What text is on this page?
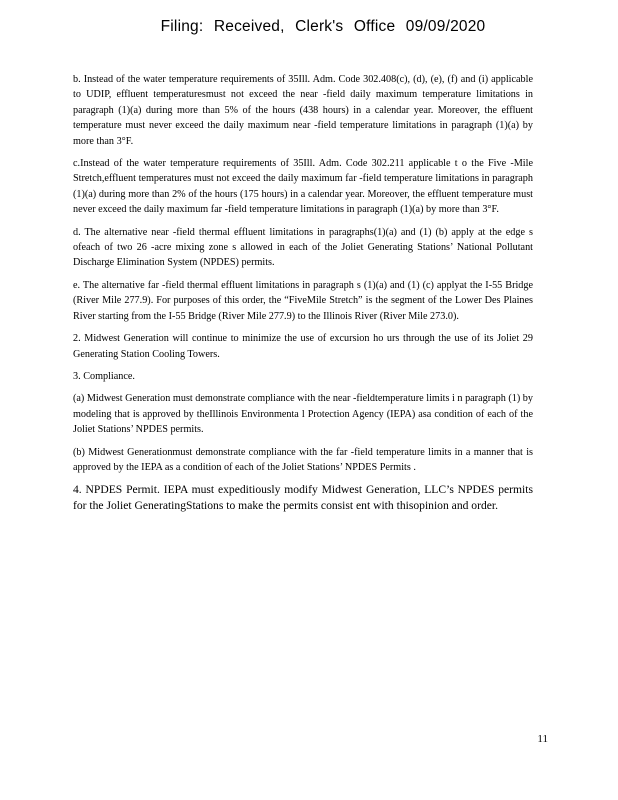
Filing: Received, Clerk's Office 09/09/2020

b. Instead of the water temperature requirements of 35Ill. Adm. Code 302.408(c), (d), (e), (f) and (i) applicable to UDIP, effluent temperaturesmust not exceed the near -field daily maximum temperature limitations in paragraph (1)(a) during more than 5% of the hours (438 hours) in a calendar year. Moreover, the effluent temperature must never exceed the daily maximum near -field temperature limitations in paragraph (1)(a) by more than 3°F.

c.Instead of the water temperature requirements of 35Ill. Adm. Code 302.211 applicable t o the Five -Mile Stretch,effluent temperatures must not exceed the daily maximum far -field temperature limitations in paragraph (1)(a) during more than 2% of the hours (175 hours) in a calendar year. Moreover, the effluent temperature must never exceed the daily maximum far -field temperature limitations in paragraph (1)(a) by more than 3°F.

d. The alternative near -field thermal effluent limitations in paragraphs(1)(a) and (1) (b) apply at the edge s ofeach of two 26 -acre mixing zone s allowed in each of the Joliet Generating Stations’ National Pollutant Discharge Elimination System (NPDES) permits.

e. The alternative far -field thermal effluent limitations in paragraph s (1)(a) and (1) (c) applyat the I-55 Bridge (River Mile 277.9). For purposes of this order, the “FiveMile Stretch” is the segment of the Lower Des Plaines River starting from the I-55 Bridge (River Mile 277.9) to the Illinois River (River Mile 273.0).

2. Midwest Generation will continue to minimize the use of excursion ho urs through the use of its Joliet 29 Generating Station Cooling Towers.

3. Compliance.

(a) Midwest Generation must demonstrate compliance with the near -fieldtemperature limits i n paragraph (1) by modeling that is approved by theIllinois Environmenta l Protection Agency (IEPA) asa condition of each of the Joliet Stations’ NPDES permits.

(b) Midwest Generationmust demonstrate compliance with the far -field temperature limits in a manner that is approved by the IEPA as a condition of each of the Joliet Stations’ NPDES Permits .

4. NPDES Permit. IEPA must expeditiously modify Midwest Generation, LLC’s NPDES permits for the Joliet GeneratingStations to make the permits consist ent with thisopinion and order.

11
